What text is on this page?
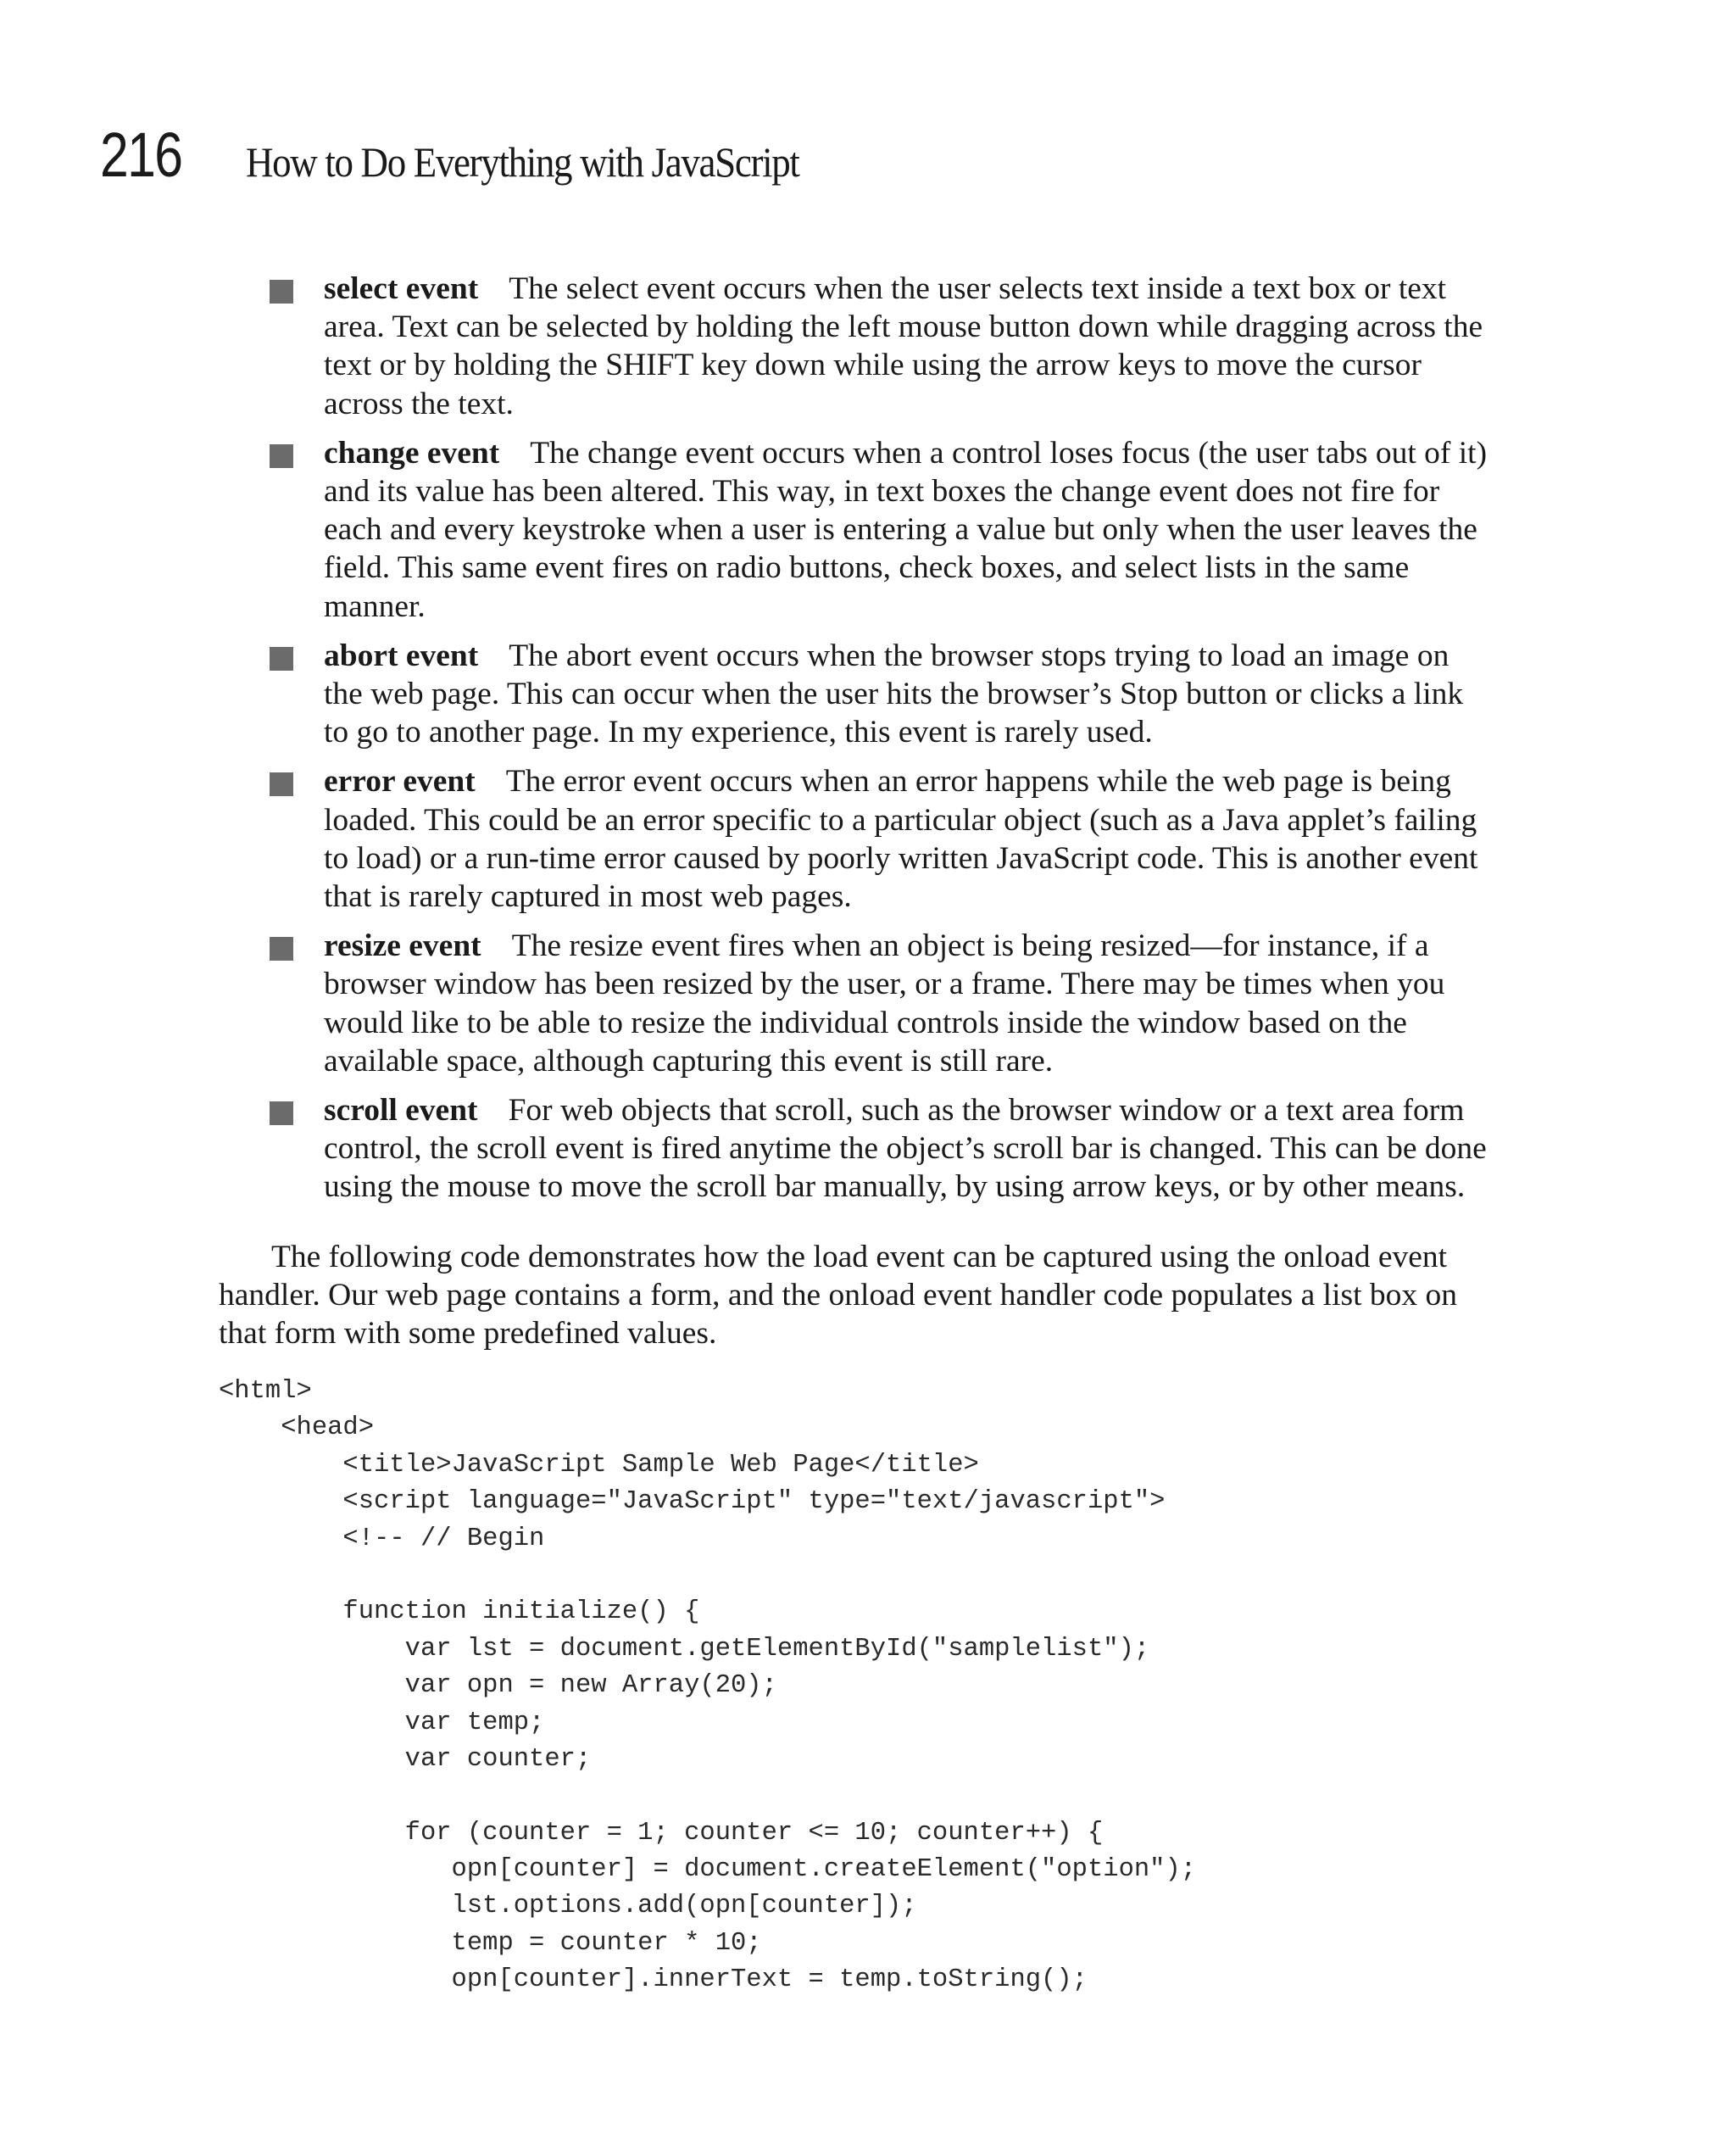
216	How to Do Everything with JavaScript
select event The select event occurs when the user selects text inside a text box or text area. Text can be selected by holding the left mouse button down while dragging across the text or by holding the SHIFT key down while using the arrow keys to move the cursor across the text.
change event The change event occurs when a control loses focus (the user tabs out of it) and its value has been altered. This way, in text boxes the change event does not fire for each and every keystroke when a user is entering a value but only when the user leaves the field. This same event fires on radio buttons, check boxes, and select lists in the same manner.
abort event The abort event occurs when the browser stops trying to load an image on the web page. This can occur when the user hits the browser’s Stop button or clicks a link to go to another page. In my experience, this event is rarely used.
error event The error event occurs when an error happens while the web page is being loaded. This could be an error specific to a particular object (such as a Java applet’s failing to load) or a run-time error caused by poorly written JavaScript code. This is another event that is rarely captured in most web pages.
resize event The resize event fires when an object is being resized—for instance, if a browser window has been resized by the user, or a frame. There may be times when you would like to be able to resize the individual controls inside the window based on the available space, although capturing this event is still rare.
scroll event For web objects that scroll, such as the browser window or a text area form control, the scroll event is fired anytime the object’s scroll bar is changed. This can be done using the mouse to move the scroll bar manually, by using arrow keys, or by other means.

The following code demonstrates how the load event can be captured using the onload event handler. Our web page contains a form, and the onload event handler code populates a list box on that form with some predefined values.

<html>
<head>
<title>JavaScript Sample Web Page</title>
<script language="JavaScript" type="text/javascript">
<!-- // Begin
function initialize() {
var lst = document.getElementById("samplelist");
var opn = new Array(20);
var temp;
var counter;
for (counter = 1; counter <= 10; counter++) {
opn[counter] = document.createElement("option");
lst.options.add(opn[counter]);
temp = counter * 10;
opn[counter].innerText = temp.toString();
